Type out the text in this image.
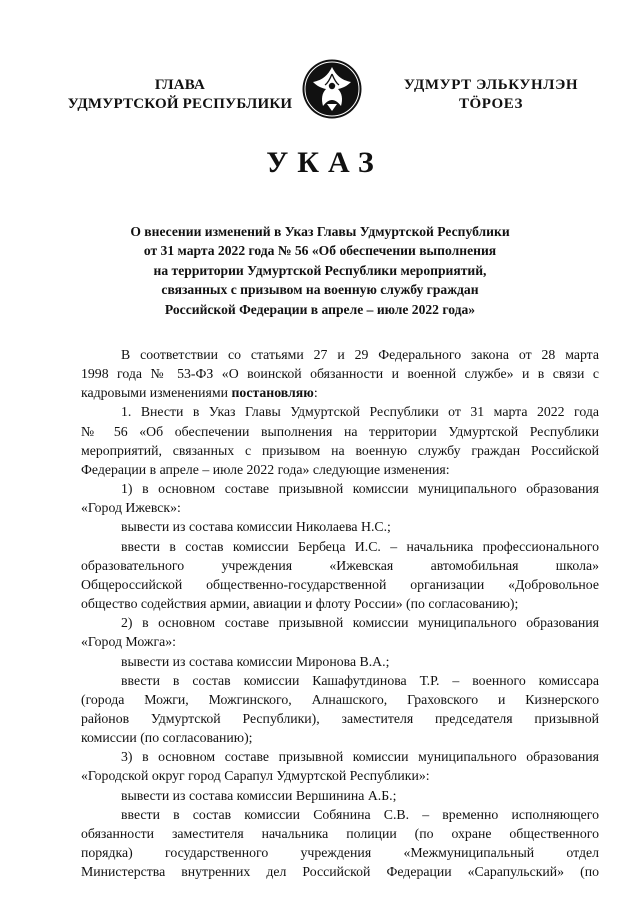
ГЛАВА
УДМУРТСКОЙ РЕСПУБЛИКИ
УДМУРТ ЭЛЬКУНЛЭН
ТӦРОЕЗ
УКАЗ
О внесении изменений в Указ Главы Удмуртской Республики
от 31 марта 2022 года № 56 «Об обеспечении выполнения
на территории Удмуртской Республики мероприятий,
связанных с призывом на военную службу граждан
Российской Федерации в апреле – июле 2022 года»
В соответствии со статьями 27 и 29 Федерального закона от 28 марта
1998 года № 53-ФЗ «О воинской обязанности и военной службе» и в связи с
кадровыми изменениями постановляю:
1. Внести в Указ Главы Удмуртской Республики от 31 марта 2022 года
№ 56 «Об обеспечении выполнения на территории Удмуртской Республики
мероприятий, связанных с призывом на военную службу граждан Российской
Федерации в апреле – июле 2022 года» следующие изменения:
1) в основном составе призывной комиссии муниципального образования
«Город Ижевск»:
вывести из состава комиссии Николаева Н.С.;
ввести в состав комиссии Бербеца И.С. – начальника профессионального
образовательного учреждения «Ижевская автомобильная школа»
Общероссийской общественно-государственной организации «Добровольное
общество содействия армии, авиации и флоту России» (по согласованию);
2) в основном составе призывной комиссии муниципального образования
«Город Можга»:
вывести из состава комиссии Миронова В.А.;
ввести в состав комиссии Кашафутдинова Т.Р. – военного комиссара
(города Можги, Можгинского, Алнашского, Граховского и Кизнерского
районов Удмуртской Республики), заместителя председателя призывной
комиссии (по согласованию);
3) в основном составе призывной комиссии муниципального образования
«Городской округ город Сарапул Удмуртской Республики»:
вывести из состава комиссии Вершинина А.Б.;
ввести в состав комиссии Собянина С.В. – временно исполняющего
обязанности заместителя начальника полиции (по охране общественного
порядка) государственного учреждения «Межмуниципальный отдел
Министерства внутренних дел Российской Федерации «Сарапульский» (по
